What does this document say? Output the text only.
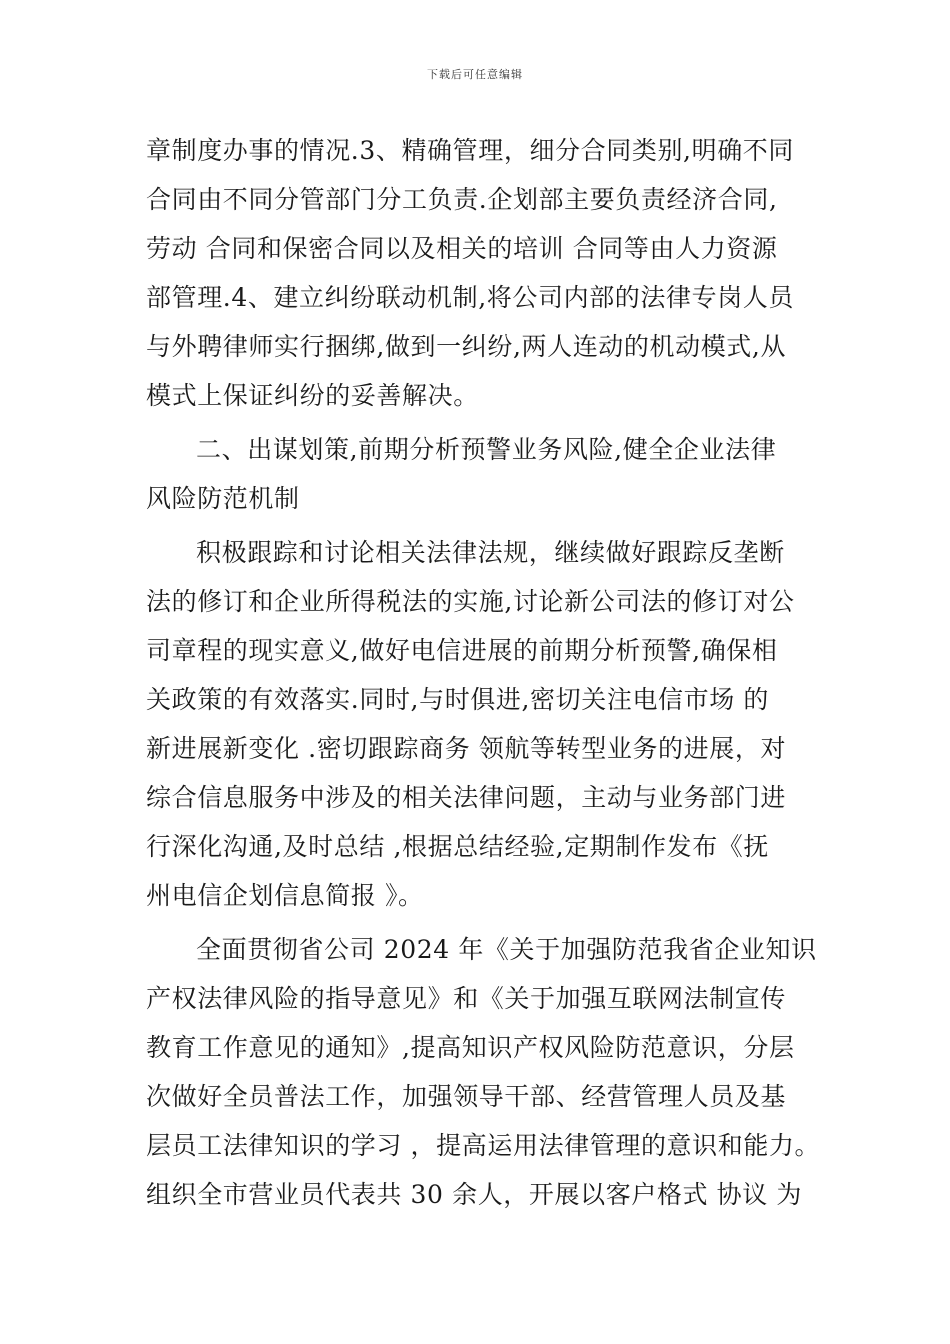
下载后可任意编辑
章制度办事的情况.3、精确管理，细分合同类别,明确不同
合同由不同分管部门分工负责.企划部主要负责经济合同,
劳动 合同和保密合同以及相关的培训 合同等由人力资源
部管理.4、建立纠纷联动机制,将公司内部的法律专岗人员
与外聘律师实行捆绑,做到一纠纷,两人连动的机动模式,从
模式上保证纠纷的妥善解决。
二、出谋划策,前期分析预警业务风险,健全企业法律
风险防范机制
积极跟踪和讨论相关法律法规，继续做好跟踪反垄断
法的修订和企业所得税法的实施,讨论新公司法的修订对公
司章程的现实意义,做好电信进展的前期分析预警,确保相
关政策的有效落实.同时,与时俱进,密切关注电信市场 的
新进展新变化 .密切跟踪商务 领航等转型业务的进展，对
综合信息服务中涉及的相关法律问题，主动与业务部门进
行深化沟通,及时总结 ,根据总结经验,定期制作发布《抚
州电信企划信息简报 》。
全面贯彻省公司 2024 年《关于加强防范我省企业知识
产权法律风险的指导意见》和《关于加强互联网法制宣传
教育工作意见的通知》,提高知识产权风险防范意识，分层
次做好全员普法工作，加强领导干部、经营管理人员及基
层员工法律知识的学习 ，提高运用法律管理的意识和能力。
组织全市营业员代表共 30 余人，开展以客户格式 协议 为
